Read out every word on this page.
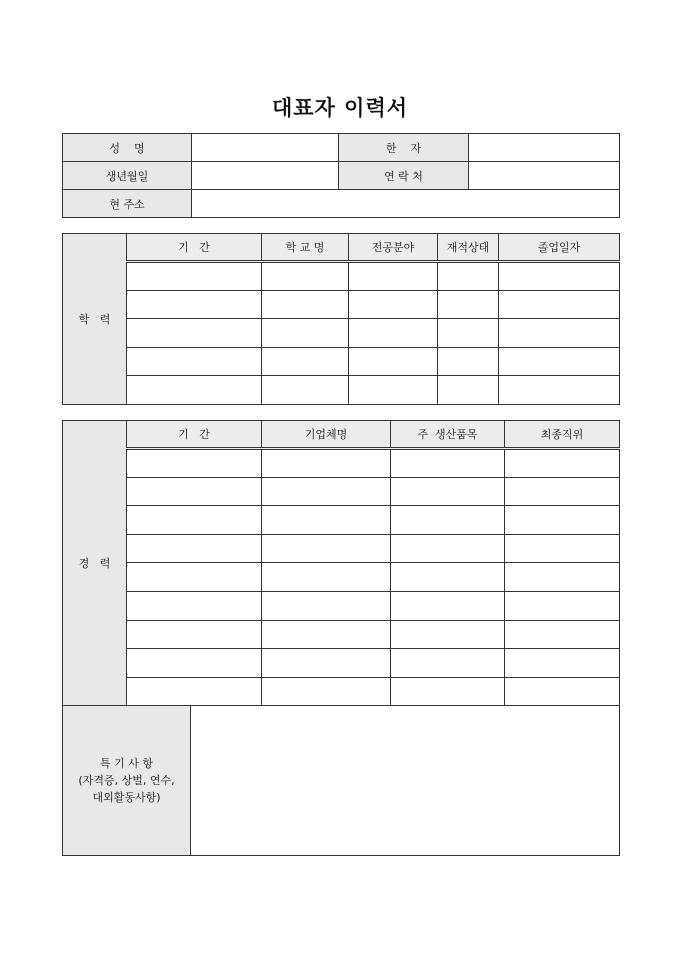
대표자 이력서
성    명		한    자	
생년월일		연 락 처	
현 주소			
학   력	기   간	학 교 명	전공분야	재적상태	졸업일자

경   력	기   간		기업체명	주  생산품목	최종직위

특 기 사 항
(자격증, 상벌, 연수,
대외활동사항)					
